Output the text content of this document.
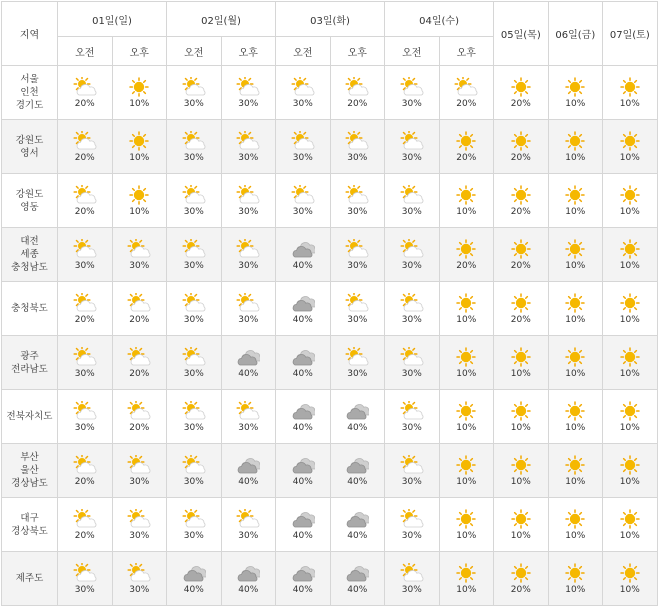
지역	01일(일)		02일(월)		03일(화)		04일(수)		05일(목)	06일(금)	07일(토)
	오전	오후	오전	오후	오전	오후	오전	오후			

서울
인천
경기도	20%	10%	30%	30%	30%	20%	30%	20%	20%	10%	10%

강원도
영서	20%	10%	30%	30%	30%	30%	30%	20%	20%	10%	10%

강원도
영동	20%	10%	30%	30%	30%	30%	30%	10%	20%	10%	10%

대전
세종
충청남도	30%	30%	30%	30%	40%	30%	30%	20%	20%	10%	10%

충청북도	20%	20%	30%	30%	40%	30%	30%	10%	20%	10%	10%

광주
전라남도	30%	20%	30%	40%	40%	30%	30%	10%	10%	10%	10%

전북자치도	30%	20%	30%	30%	40%	40%	30%	10%	10%	10%	10%

부산
울산
경상남도	20%	30%	30%	40%	40%	40%	30%	10%	10%	10%	10%

대구
경상북도	20%	30%	30%	30%	40%	40%	30%	10%	10%	10%	10%

제주도	30%	30%	40%	40%	40%	40%	30%	10%	20%	10%	10%
